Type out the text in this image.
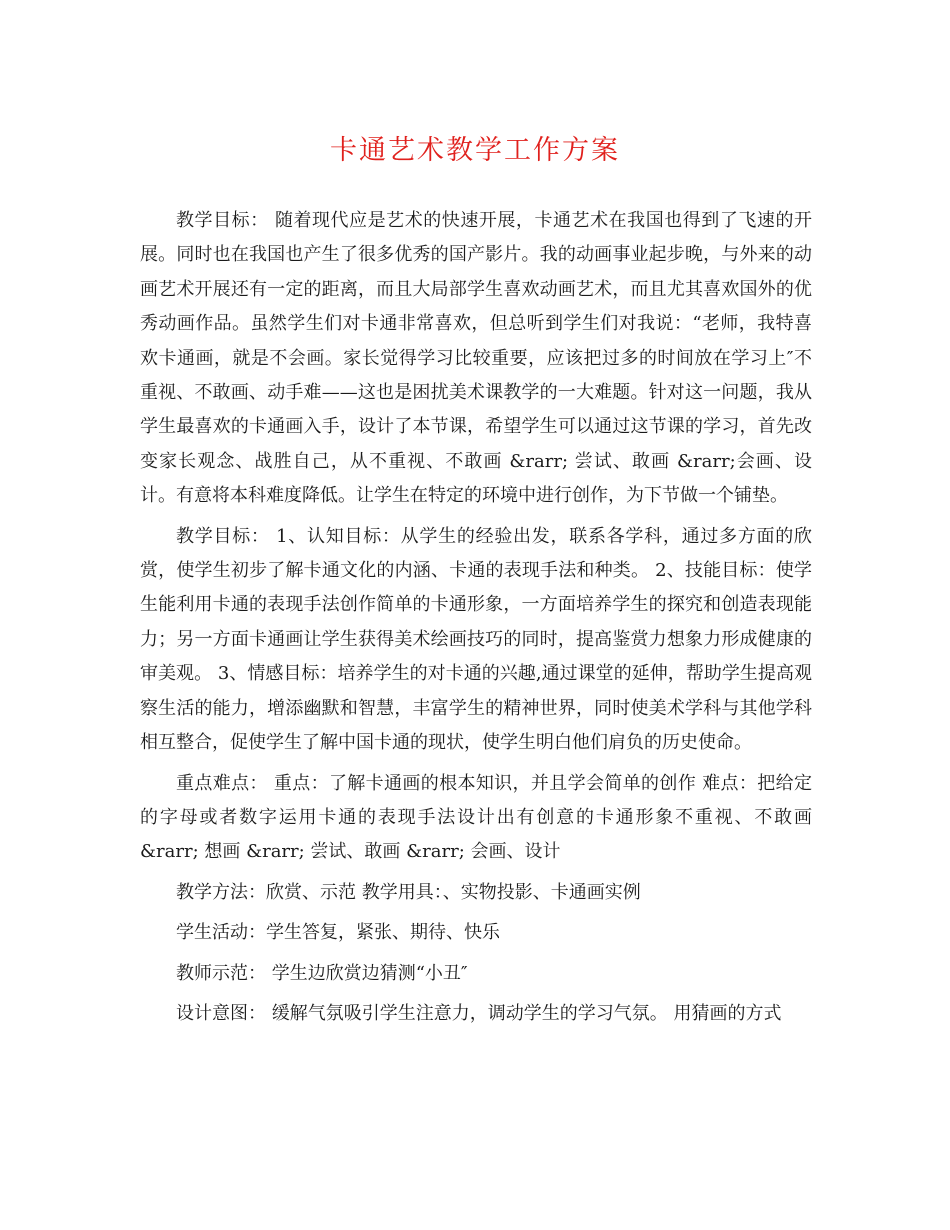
卡通艺术教学工作方案

教学目标： 随着现代应是艺术的快速开展，卡通艺术在我国也得到了飞速的开展。同时也在我国也产生了很多优秀的国产影片。我的动画事业起步晚，与外来的动画艺术开展还有一定的距离，而且大局部学生喜欢动画艺术，而且尤其喜欢国外的优秀动画作品。虽然学生们对卡通非常喜欢，但总听到学生们对我说：“老师，我特喜欢卡通画，就是不会画。家长觉得学习比较重要，应该把过多的时间放在学习上″不重视、不敢画、动手难——这也是困扰美术课教学的一大难题。针对这一问题，我从学生最喜欢的卡通画入手，设计了本节课，希望学生可以通过这节课的学习，首先改变家长观念、战胜自己，从不重视、不敢画 &rarr; 尝试、敢画 &rarr;会画、设计。有意将本科难度降低。让学生在特定的环境中进行创作，为下节做一个铺垫。

教学目标： 1、认知目标：从学生的经验出发，联系各学科，通过多方面的欣赏，使学生初步了解卡通文化的内涵、卡通的表现手法和种类。 2、技能目标：使学生能利用卡通的表现手法创作简单的卡通形象，一方面培养学生的探究和创造表现能力；另一方面卡通画让学生获得美术绘画技巧的同时，提高鉴赏力想象力形成健康的审美观。 3、情感目标：培养学生的对卡通的兴趣,通过课堂的延伸，帮助学生提高观察生活的能力，增添幽默和智慧，丰富学生的精神世界，同时使美术学科与其他学科相互整合，促使学生了解中国卡通的现状，使学生明白他们肩负的历史使命。

重点难点： 重点：了解卡通画的根本知识，并且学会简单的创作 难点：把给定的字母或者数字运用卡通的表现手法设计出有创意的卡通形象不重视、不敢画 &rarr; 想画 &rarr; 尝试、敢画 &rarr; 会画、设计

教学方法：欣赏、示范 教学用具：、实物投影、卡通画实例

学生活动：学生答复，紧张、期待、快乐

教师示范： 学生边欣赏边猜测“小丑″

设计意图： 缓解气氛吸引学生注意力，调动学生的学习气氛。 用猜画的方式
